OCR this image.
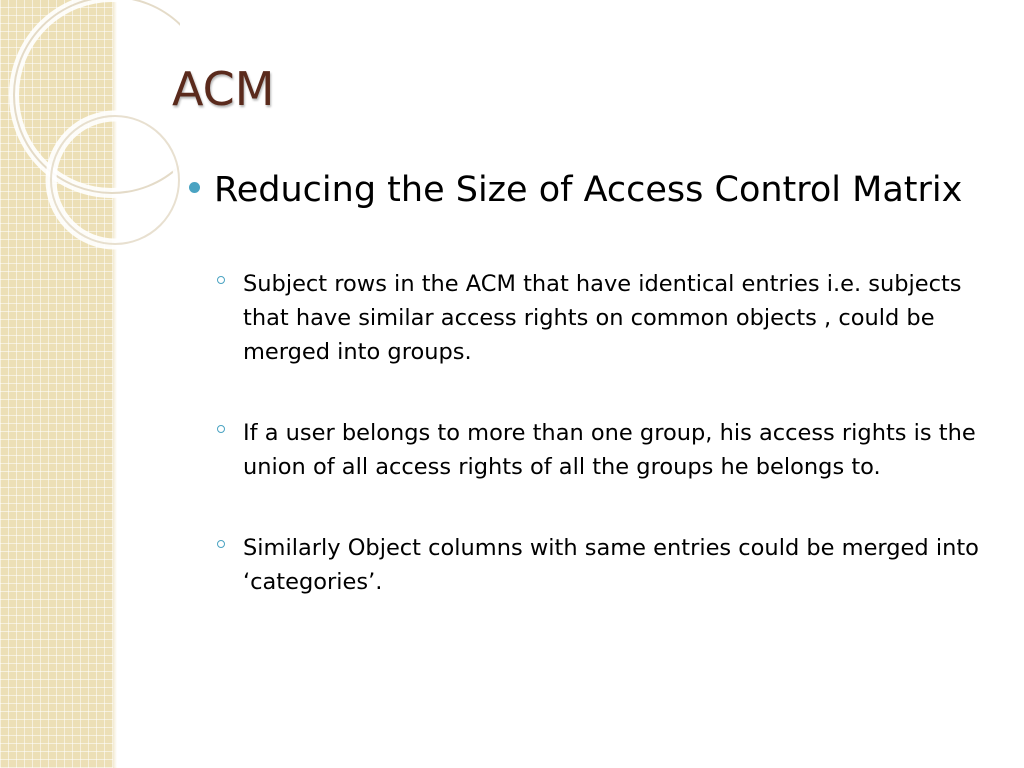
ACM
Reducing the Size of Access Control Matrix
Subject rows in the ACM that have identical entries i.e. subjects that have similar access rights on common objects , could be merged into groups.
If a user belongs to more than one group, his access rights is the union of all access rights of all the groups he belongs to.
Similarly Object columns with same entries could be merged into ‘categories’.
